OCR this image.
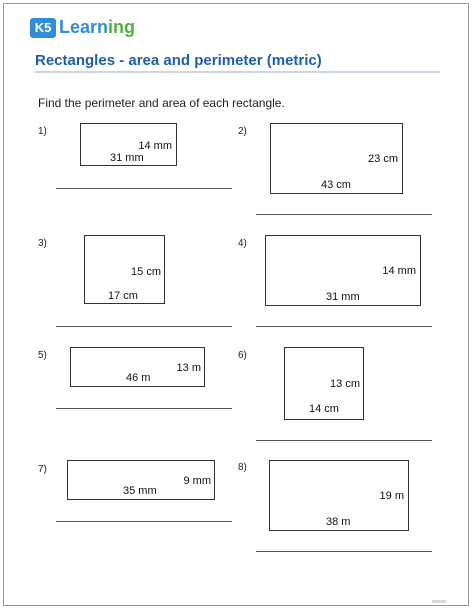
K5 Learning
Rectangles - area and perimeter (metric)
Find the perimeter and area of each rectangle.
1)
14 mm
31 mm
2)
23 cm
43 cm
3)
15 cm
17 cm
4)
14 mm
31 mm
5)
13 m
46 m
6)
13 cm
14 cm
7)
9 mm
35 mm
8)
19 m
38 m
